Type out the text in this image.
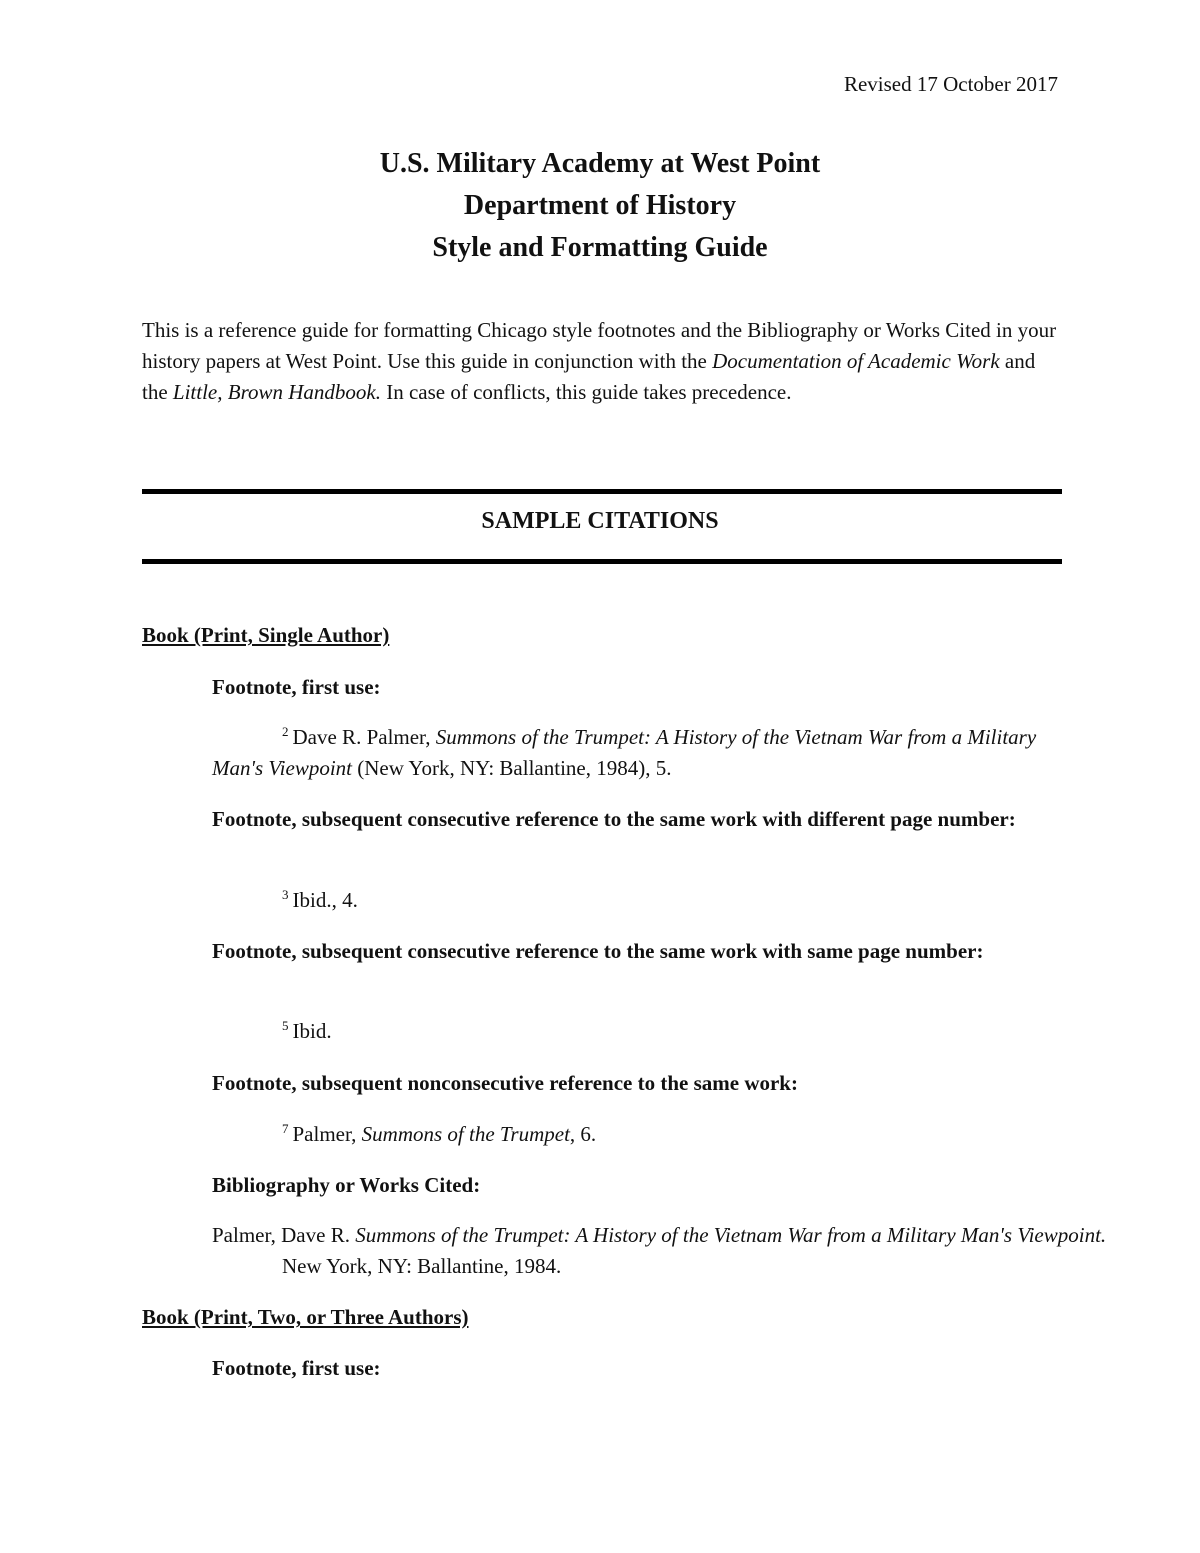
Revised 17 October 2017
U.S. Military Academy at West Point
Department of History
Style and Formatting Guide
This is a reference guide for formatting Chicago style footnotes and the Bibliography or Works Cited in your history papers at West Point. Use this guide in conjunction with the Documentation of Academic Work and the Little, Brown Handbook. In case of conflicts, this guide takes precedence.
SAMPLE CITATIONS
Book (Print, Single Author)
Footnote, first use:
$^2$ Dave R. Palmer, Summons of the Trumpet: A History of the Vietnam War from a Military Man's Viewpoint (New York, NY: Ballantine, 1984), 5.
Footnote, subsequent consecutive reference to the same work with different page number:
$^3$ Ibid., 4.
Footnote, subsequent consecutive reference to the same work with same page number:
$^5$ Ibid.
Footnote, subsequent nonconsecutive reference to the same work:
$^7$ Palmer, Summons of the Trumpet, 6.
Bibliography or Works Cited:
Palmer, Dave R. Summons of the Trumpet: A History of the Vietnam War from a Military Man's Viewpoint. New York, NY: Ballantine, 1984.
Book (Print, Two, or Three Authors)
Footnote, first use:
